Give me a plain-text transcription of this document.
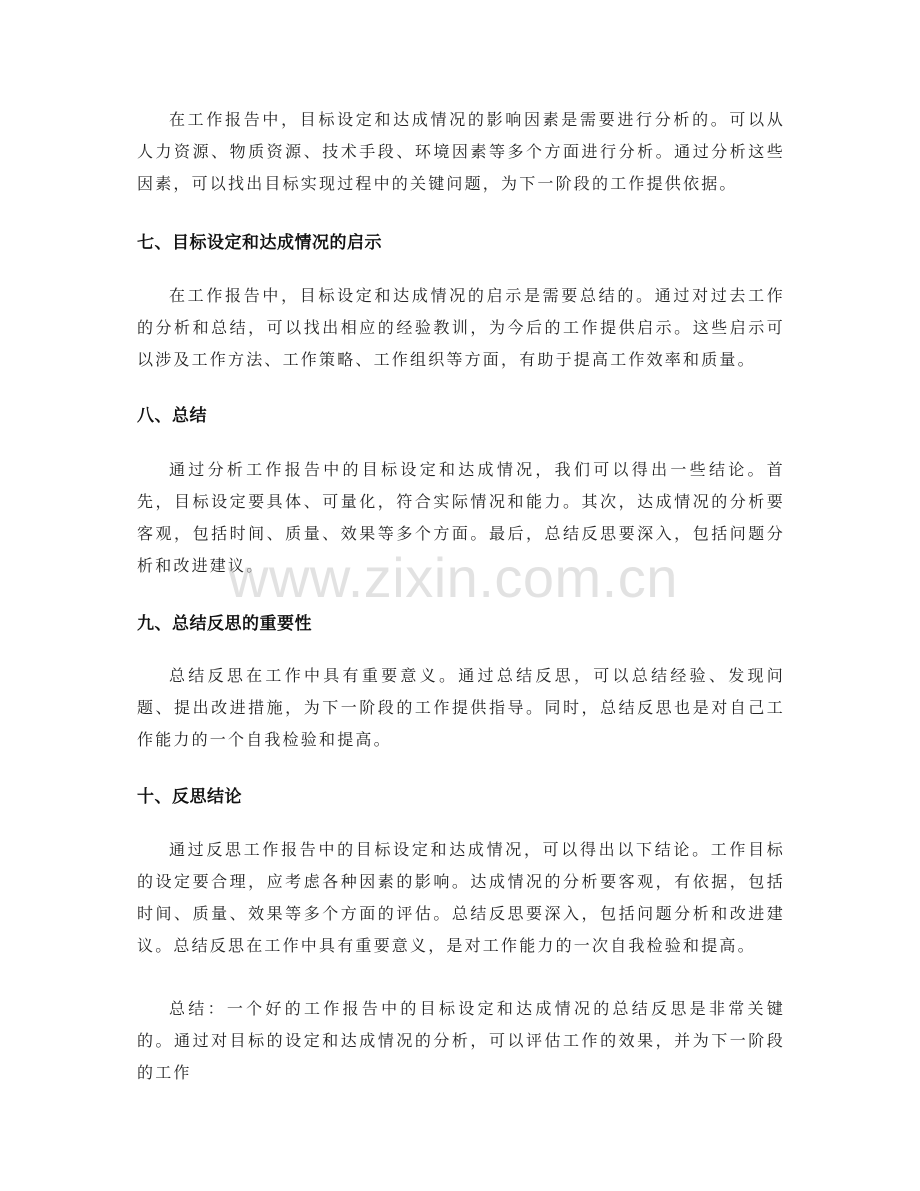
在工作报告中，目标设定和达成情况的影响因素是需要进行分析的。可以从人力资源、物质资源、技术手段、环境因素等多个方面进行分析。通过分析这些因素，可以找出目标实现过程中的关键问题，为下一阶段的工作提供依据。

七、目标设定和达成情况的启示

在工作报告中，目标设定和达成情况的启示是需要总结的。通过对过去工作的分析和总结，可以找出相应的经验教训，为今后的工作提供启示。这些启示可以涉及工作方法、工作策略、工作组织等方面，有助于提高工作效率和质量。

八、总结

通过分析工作报告中的目标设定和达成情况，我们可以得出一些结论。首先，目标设定要具体、可量化，符合实际情况和能力。其次，达成情况的分析要客观，包括时间、质量、效果等多个方面。最后，总结反思要深入，包括问题分析和改进建议。

九、总结反思的重要性

总结反思在工作中具有重要意义。通过总结反思，可以总结经验、发现问题、提出改进措施，为下一阶段的工作提供指导。同时，总结反思也是对自己工作能力的一个自我检验和提高。

十、反思结论

通过反思工作报告中的目标设定和达成情况，可以得出以下结论。工作目标的设定要合理，应考虑各种因素的影响。达成情况的分析要客观，有依据，包括时间、质量、效果等多个方面的评估。总结反思要深入，包括问题分析和改进建议。总结反思在工作中具有重要意义，是对工作能力的一次自我检验和提高。

总结：一个好的工作报告中的目标设定和达成情况的总结反思是非常关键的。通过对目标的设定和达成情况的分析，可以评估工作的效果，并为下一阶段的工作

www.zixin.com.cn
